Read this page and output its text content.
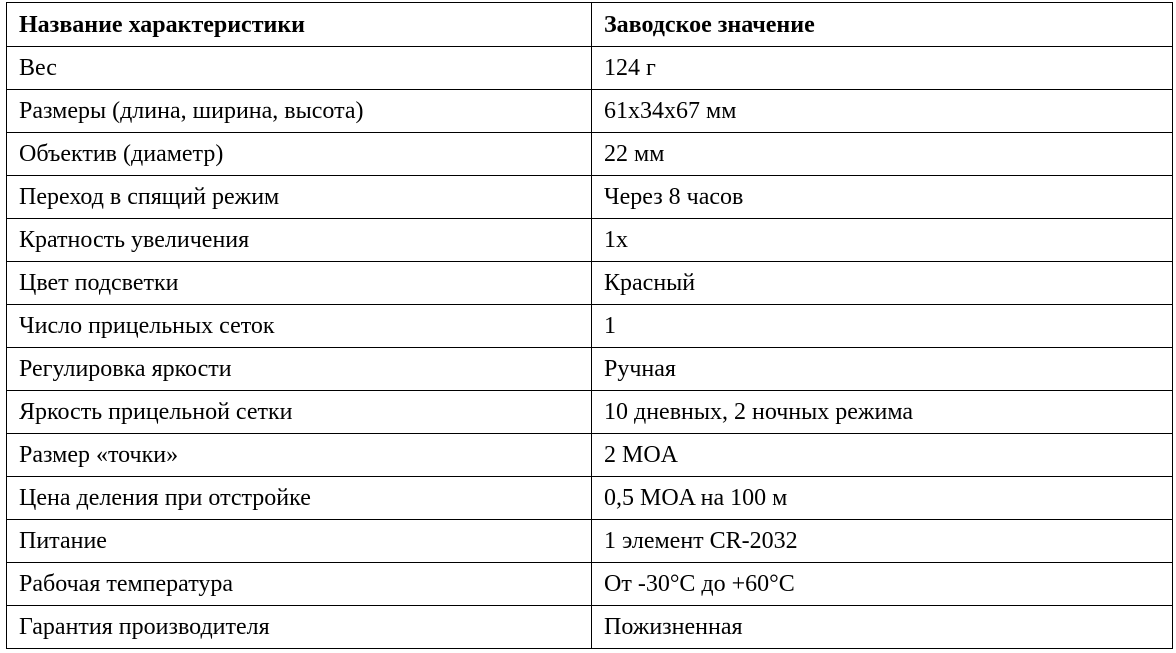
Название характеристики	Заводское значение
Вес	124 г
Размеры (длина, ширина, высота)	61x34x67 мм
Объектив (диаметр)	22 мм
Переход в спящий режим	Через 8 часов
Кратность увеличения	1x
Цвет подсветки	Красный
Число прицельных сеток	1
Регулировка яркости	Ручная
Яркость прицельной сетки	10 дневных, 2 ночных режима
Размер «точки»	2 MOA
Цена деления при отстройке	0,5 MOA на 100 м
Питание	1 элемент CR-2032
Рабочая температура	От -30°С до +60°С
Гарантия производителя	Пожизненная
